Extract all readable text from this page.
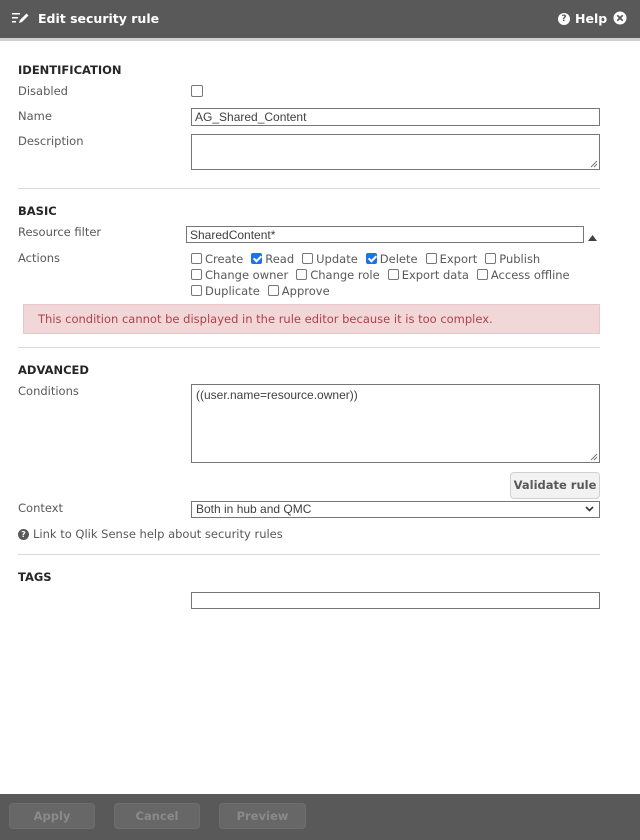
Edit security rule	? Help
IDENTIFICATION
Disabled
Name	AG_Shared_Content
Description
BASIC
Resource filter	SharedContent*
Actions	Create Read Update Delete Export Publish
Change owner Change role Export data Access offline
Duplicate Approve
This condition cannot be displayed in the rule editor because it is too complex.
ADVANCED
Conditions	((user.name=resource.owner))
Validate rule
Context	Both in hub and QMC
? Link to Qlik Sense help about security rules
TAGS
Apply	Cancel	Preview
